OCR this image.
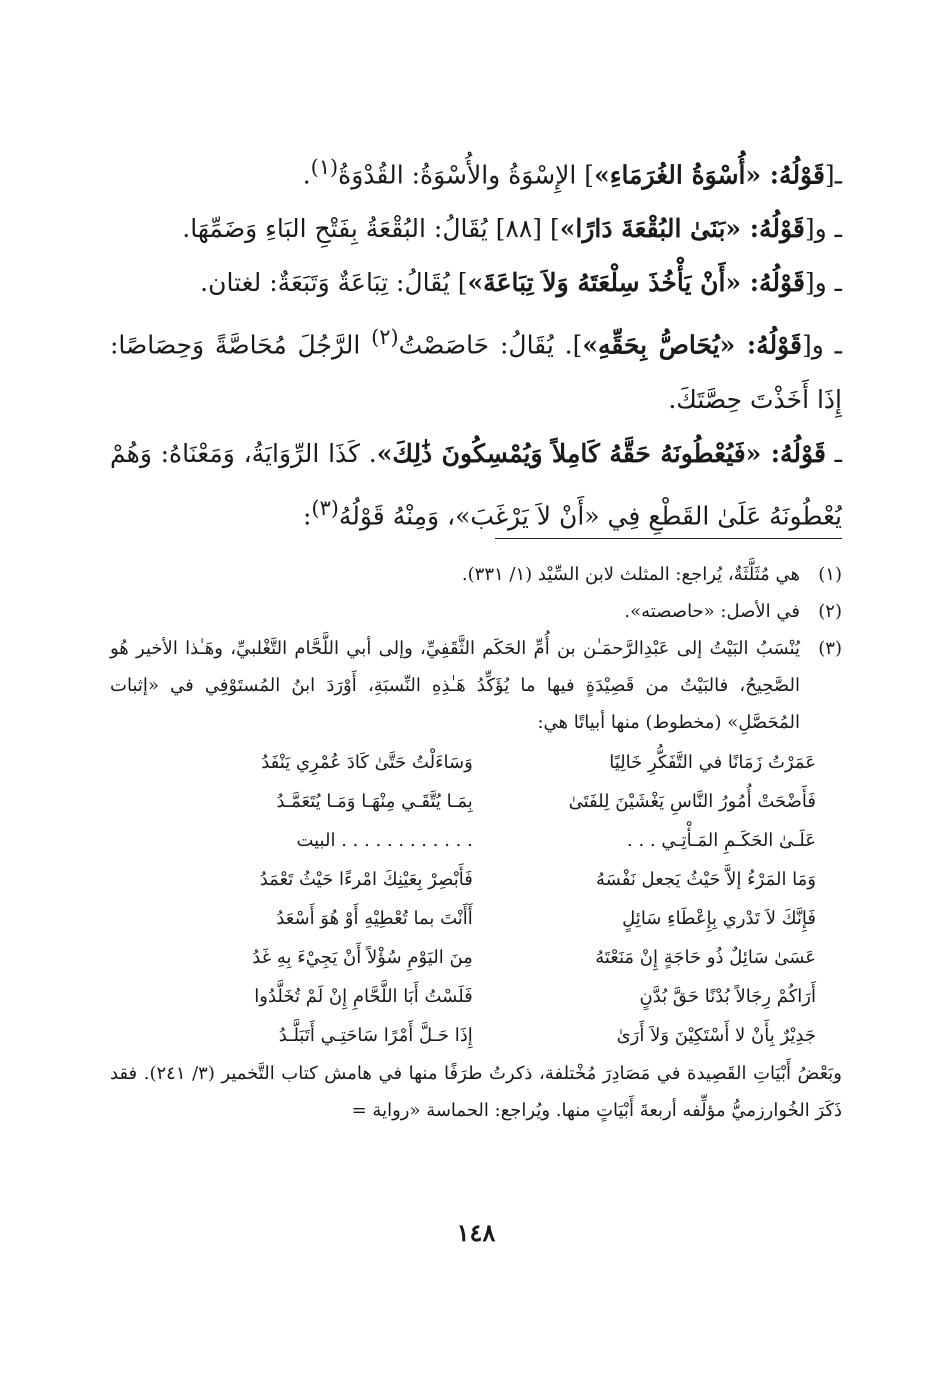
ـ[قَوْلُهُ: «أُسْوَةُ الغُرَمَاءِ»] الإِسْوَةُ والأُسْوَةُ: القُدْوَةُ$^{(١)}$.

ـ و[قَوْلُهُ: «بَنَىٰ البُقْعَةَ دَارًا»] [٨٨] يُقَالُ: البُقْعَةُ بِفَتْحِ البَاءِ وَضَمِّهَا.

ـ و[قَوْلُهُ: «أَنْ يَأْخُذَ سِلْعَتَهُ وَلاَ تِبَاعَةَ»] يُقَالُ: تِبَاعَةٌ وَتَبَعَةٌ: لغتان.

ـ و[قَوْلُهُ: «يُحَاصُّ بِحَقِّهِ»]. يُقَالُ: حَاصَصْتُ$^{(٢)}$ الرَّجُلَ مُحَاصَّةً وَحِصَاصًا: إِذَا أَخَذْتَ حِصَّتَكَ.

ـ قَوْلُهُ: «فَيُعْطُونَهُ حَقَّهُ كَامِلاً وَيُمْسِكُونَ ذَٰلِكَ». كَذَا الرِّوَايَةُ، وَمَعْنَاهُ: وَهُمْ يُعْطُونَهُ عَلَىٰ القَطْعِ فِي «أَنْ لاَ يَرْغَبَ»، وَمِنْهُ قَوْلُهُ$^{(٣)}$:

(١)
هي مُثَلَّثَةٌ، يُراجع: المثلث لابن السِّيْد (١/ ٣٣١).
(٢)
في الأصل: «حاصصته».
(٣)
يُنْسَبُ البَيْتُ إلى عَبْدِالرَّحمَـٰن بن أُمِّ الحَكَم الثَّقَفِيِّ، وإلى أبي اللَّحَّام التَّغْلبيِّ، وهَـٰذا الأخير هُو الصَّحِيحُ، فالبَيْتُ من قَصِيْدَةٍ فيها ما يُؤَكِّدُ هَـٰذِهِ النِّسبَةِ، أَوْرَدَ ابنُ المُستَوْفِي في «إثبات المُحَصَّلِ» (مخطوط) منها أبياتًا هي:
عَمَرْتُ زَمَانًا في التَّفَكُّرِ خَالِيًا
وَسَاءَلْتُ حَتَّىٰ كَادَ عُمْرِي يَنْفَدُ
فَأَضْحَتْ أُمُورُ النَّاسِ يَغْشَيْنَ لِلفَتَىٰ
بِمَـا يُتَّقَـي مِنْهَـا وَمَـا يُتَعَمَّـدُ
عَلَـىٰ الحَكَـمِ المَـأْتِـي . . .
. . . . . . . . . . . . البيت
وَمَا المَرْءُ إلاَّ حَيْثُ يَجعل نَفْسَهُ
فَأَبْصِرْ بِعَيْنِكَ امْرءًا حَيْثُ تَعْمَدُ
فَإِنَّكَ لاَ تَدْري بِإِعْطَاءِ سَائِلٍ
أَأَنْتَ بما تُعْطِيْهِ أَوْ هُوَ أَسْعَدُ
عَسَىٰ سَائِلٌ ذُو حَاجَةٍ إِنْ مَنَعْتَهُ
مِنَ اليَوْمِ سُؤْلاً أَنْ يَجِيْءَ بِهِ غَدُ
أَرَاكُمْ رِجَالاً بُدْنًا حَقَّ بُدَّنٍ
فَلَسْتُ أَبَا اللَّحَّامِ إِنْ لَمْ تُخَلَّدُوا
جَدِيْرٌ بِأَنْ لا أَسْتَكِيْنَ وَلاَ أَرَىٰ
إِذَا حَـلَّ أَمْرًا سَاحَتِـي أَتَبَلَّـدُ
وبَعْضُ أَبْيَاتِ القَصِيدة في مَصَادِرَ مُخْتلفة، ذكرتُ طرَفًا منها في هامش كتاب التَّخمير (٣/ ٢٤١). فقد ذَكَرَ الخُوارزميُّ مؤلِّفه أربعةَ أَبْيَاتٍ منها. ويُراجع: الحماسة «رواية =
١٤٨
